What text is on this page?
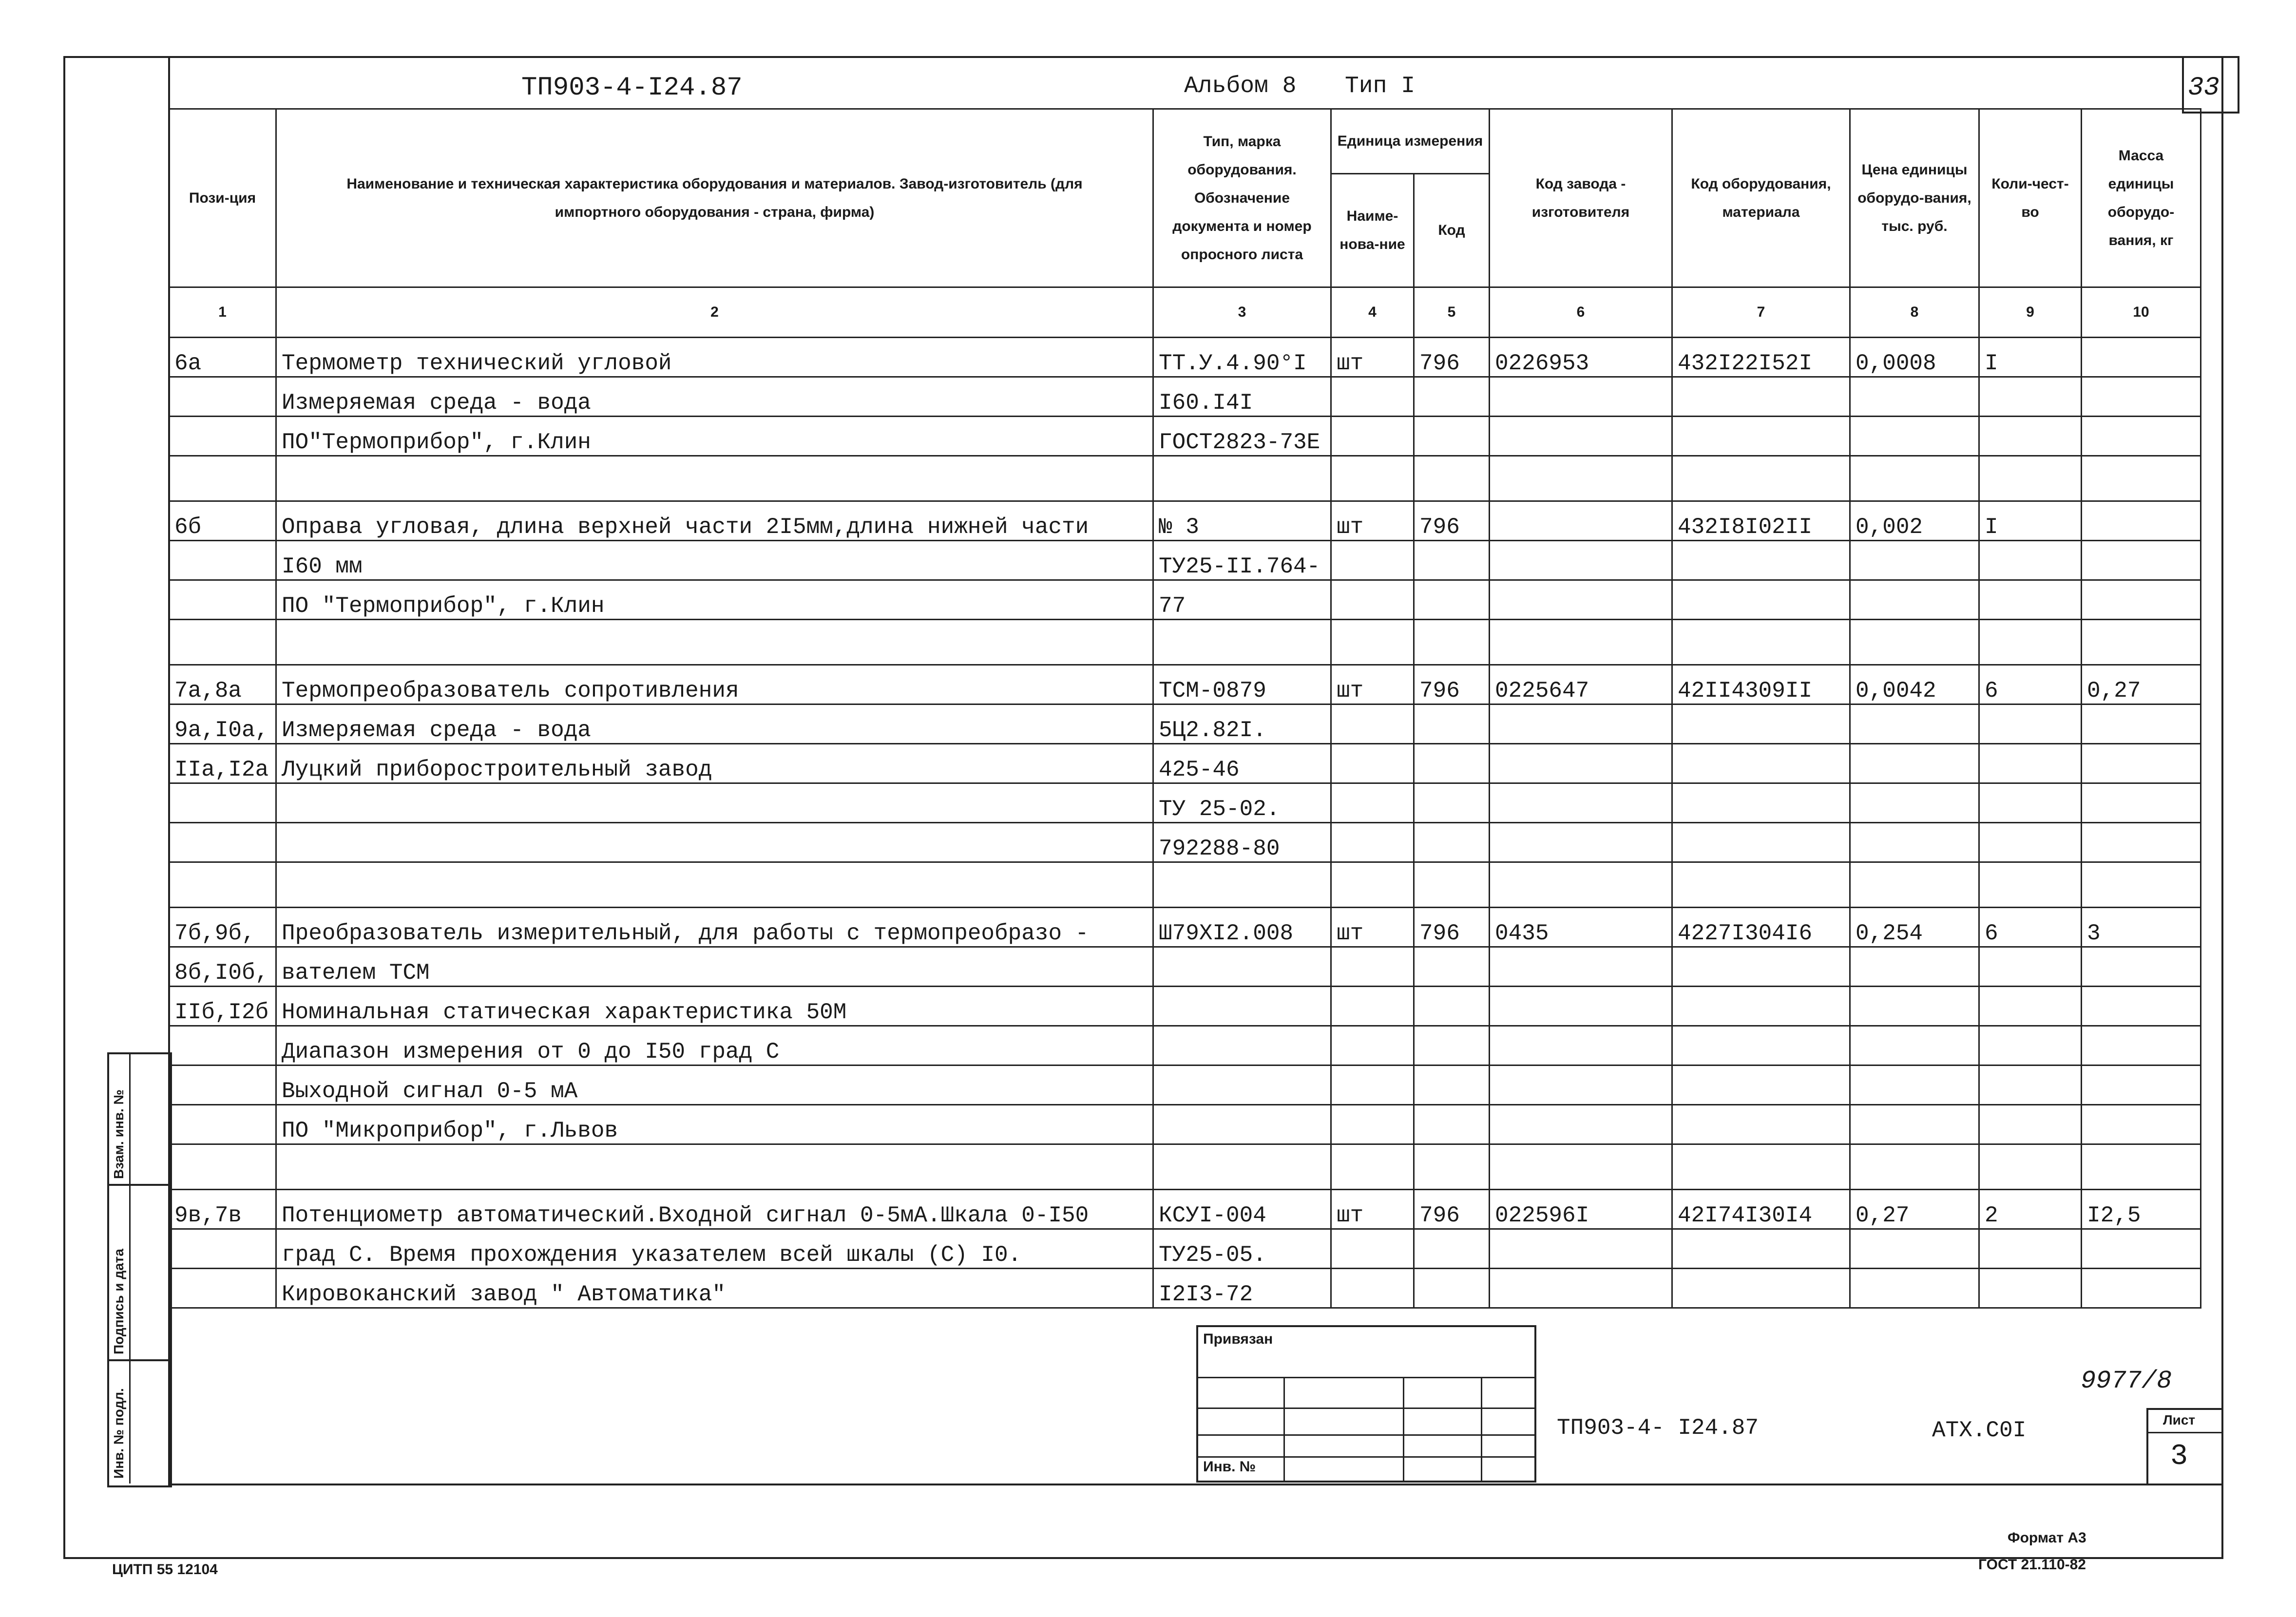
33
ТП903-4-I24.87	Альбом 8 Тип I
Пози-ция	Наименование и техническая характеристика оборудования и материалов. Завод-изготовитель (для импортного оборудования - страна, фирма)	Тип, марка оборудования. Обозначение документа и номер опросного листа	Единица измерения		Код завода - изготовителя	Код оборудования, материала	Цена единицы оборудо-вания, тыс. руб.	Коли-чест-во	Масса единицы оборудо-вания, кг
			Наиме-нова-ние	Код					
1	2	3	4	5	6	7	8	9	10
6а	Термометр технический угловой	ТТ.У.4.90°I	шт	796	0226953	432I22I52I	0,0008	I	
	Измеряемая среда - вода	I60.I4I							
	ПО"Термоприбор", г.Клин	ГОСТ2823-73Е							

6б	Оправа угловая, длина верхней части 2I5мм,длина нижней части	№ 3	шт	796		432I8I02II	0,002	I	
	I60 мм	ТУ25-II.764-							
	ПО "Термоприбор", г.Клин	77							

7а,8а	Термопреобразователь сопротивления	ТСМ-0879	шт	796	0225647	42II4309II	0,0042	6	0,27
9а,I0а,	Измеряемая среда - вода	5Ц2.82I.							
IIа,I2а	Луцкий приборостроительный завод	425-46							
		ТУ 25-02.							
		792288-80							

7б,9б,	Преобразователь измерительный, для работы с термопреобразо -	Ш79ХI2.008	шт	796	0435	4227I304I6	0,254	6	3
8б,I0б,	вателем ТСМ								
IIб,I2б	Номинальная статическая характеристика 50М								
	Диапазон измерения от 0 до I50 град С								
	Выходной сигнал 0-5 мА								
	ПО "Микроприбор", г.Львов								

9в,7в	Потенциометр автоматический.Входной сигнал 0-5мА.Шкала 0-I50	КСУI-004	шт	796	022596I	42I74I30I4	0,27	2	I2,5
	град С. Время прохождения указателем всей шкалы (С) I0.	ТУ25-05.							
	Кировоканский завод " Автоматика"	I2I3-72							
Взам. инв. №
Подпись и дата
Инв. № подл.
Привязан
Инв. №
ТП903-4- I24.87	АТХ.С0I
9977/8
Лист
3
Формат А3
ГОСТ 21.110-82
ЦИТП 55 12104
